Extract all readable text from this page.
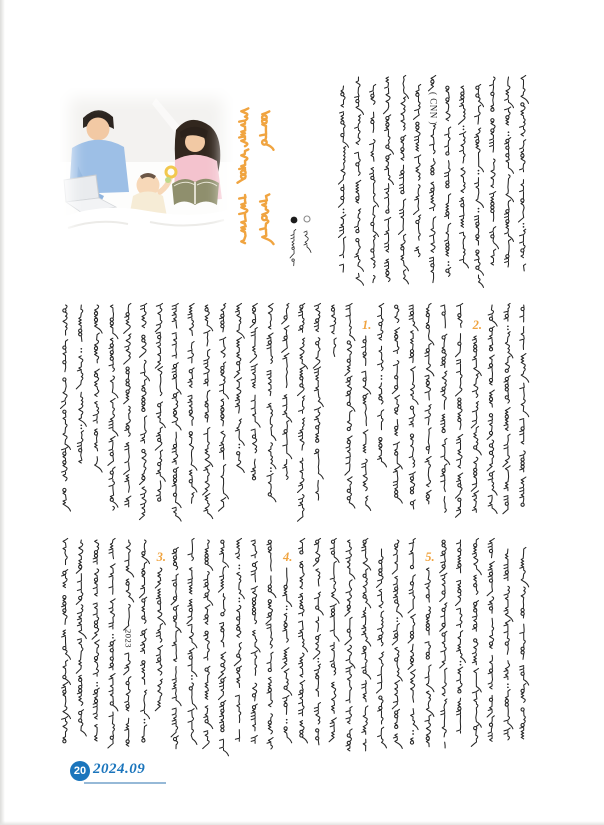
( CNN )
1.	2.
3.	4.	5.
2023
20 2024.09
